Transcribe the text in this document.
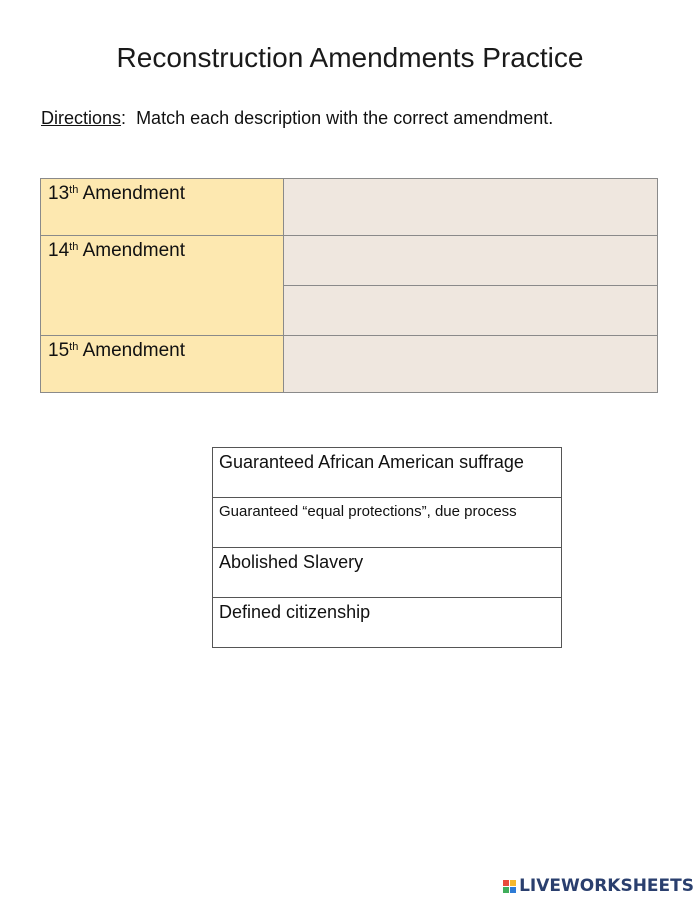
Reconstruction Amendments Practice
Directions: Match each description with the correct amendment.
13th Amendment	
14th Amendment	

15th Amendment	
Guaranteed African American suffrage
Guaranteed “equal protections”, due process
Abolished Slavery
Defined citizenship
LIVEWORKSHEETS
